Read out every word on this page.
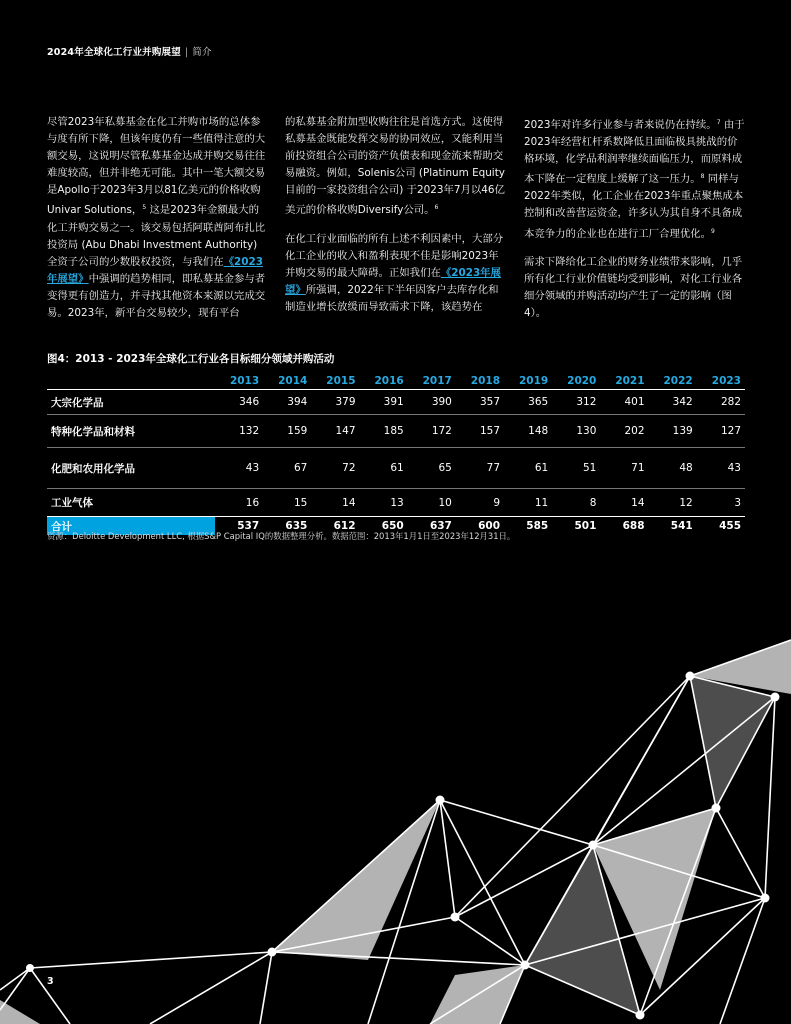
2024年全球化工行业并购展望 | 简介

尽管2023年私募基金在化工并购市场的总体参与度有所下降，但该年度仍有一些值得注意的大额交易，这说明尽管私募基金达成并购交易往往难度较高，但并非绝无可能。其中一笔大额交易是Apollo于2023年3月以81亿美元的价格收购Univar Solutions，$^5$ 这是2023年金额最大的化工并购交易之一。该交易包括阿联酋阿布扎比投资局 (Abu Dhabi Investment Authority) 全资子公司的少数股权投资，与我们在《2023年展望》中强调的趋势相同，即私募基金参与者变得更有创造力，并寻找其他资本来源以完成交易。2023年，新平台交易较少，现有平台

的私募基金附加型收购往往是首选方式。这使得私募基金既能发挥交易的协同效应，又能利用当前投资组合公司的资产负债表和现金流来帮助交易融资。例如，Solenis公司 (Platinum Equity目前的一家投资组合公司) 于2023年7月以46亿美元的价格收购Diversify公司。$^6$

在化工行业面临的所有上述不利因素中，大部分化工企业的收入和盈利表现不佳是影响2023年并购交易的最大障碍。正如我们在《2023年展望》所强调，2022年下半年因客户去库存化和制造业增长放缓而导致需求下降，该趋势在

2023年对许多行业参与者来说仍在持续。$^7$ 由于2023年经营杠杆系数降低且面临极具挑战的价格环境，化学品利润率继续面临压力，而原料成本下降在一定程度上缓解了这一压力。$^8$ 同样与2022年类似，化工企业在2023年重点聚焦成本控制和改善营运资金，许多认为其自身不具备成本竞争力的企业也在进行工厂合理优化。$^9$

需求下降给化工企业的财务业绩带来影响，几乎所有化工行业价值链均受到影响，对化工行业各细分领域的并购活动均产生了一定的影响（图4）。

图4：2013 - 2023年全球化工行业各目标细分领域并购活动
	2013	2014	2015	2016	2017	2018	2019	2020	2021	2022	2023
大宗化学品	346	394	379	391	390	357	365	312	401	342	282
特种化学品和材料	132	159	147	185	172	157	148	130	202	139	127
化肥和农用化学品	43	67	72	61	65	77	61	51	71	48	43
工业气体	16	15	14	13	10	9	11	8	14	12	3
合计	537	635	612	650	637	600	585	501	688	541	455
资源：Deloitte Development LLC, 根据S&P Capital IQ的数据整理分析。数据范围：2013年1月1日至2023年12月31日。
3
